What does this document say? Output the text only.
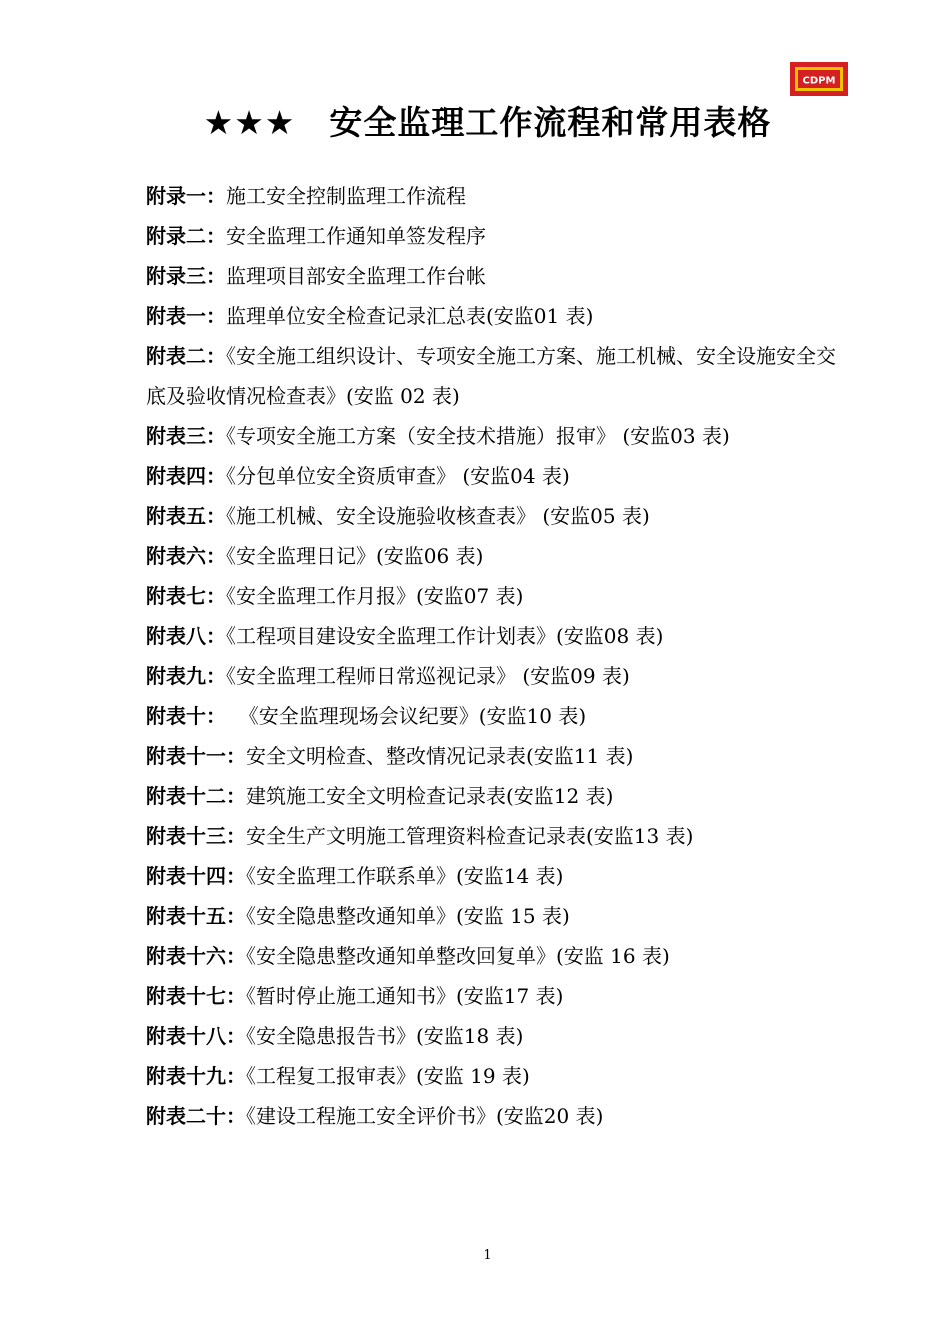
CDPM
★★★ 安全监理工作流程和常用表格
附录一：施工安全控制监理工作流程
附录二：安全监理工作通知单签发程序
附录三：监理项目部安全监理工作台帐
附表一：监理单位安全检查记录汇总表(安监01 表)
附表二：《安全施工组织设计、专项安全施工方案、施工机械、安全设施安全交底及验收情况检查表》(安监 02 表)
附表三：《专项安全施工方案（安全技术措施）报审》 (安监03 表)
附表四：《分包单位安全资质审查》 (安监04 表)
附表五：《施工机械、安全设施验收核查表》 (安监05 表)
附表六：《安全监理日记》(安监06 表)
附表七：《安全监理工作月报》(安监07 表)
附表八：《工程项目建设安全监理工作计划表》(安监08 表)
附表九：《安全监理工程师日常巡视记录》 (安监09 表)
附表十：  《安全监理现场会议纪要》(安监10 表)
附表十一：安全文明检查、整改情况记录表(安监11 表)
附表十二：建筑施工安全文明检查记录表(安监12 表)
附表十三：安全生产文明施工管理资料检查记录表(安监13 表)
附表十四：《安全监理工作联系单》(安监14 表)
附表十五：《安全隐患整改通知单》(安监 15 表)
附表十六：《安全隐患整改通知单整改回复单》(安监 16 表)
附表十七：《暂时停止施工通知书》(安监17 表)
附表十八：《安全隐患报告书》(安监18 表)
附表十九：《工程复工报审表》(安监 19 表)
附表二十：《建设工程施工安全评价书》(安监20 表)
1
